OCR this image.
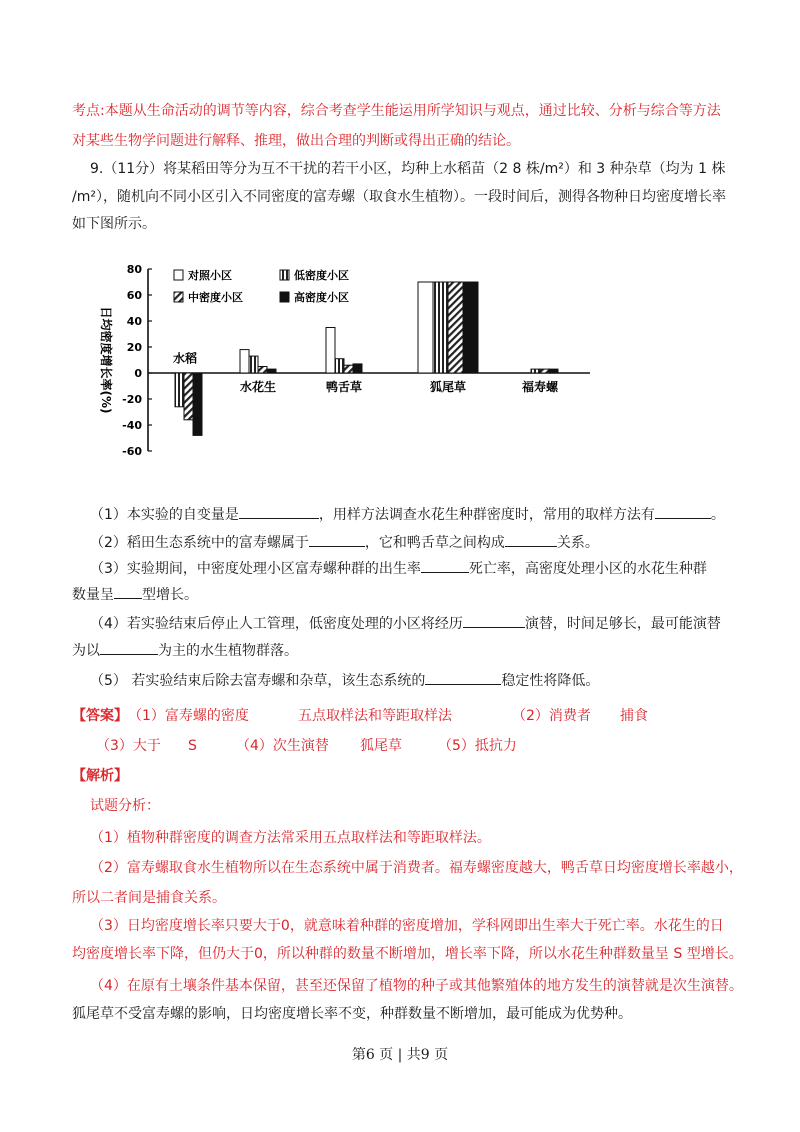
考点:本题从生命活动的调节等内容，综合考查学生能运用所学知识与观点，通过比较、分析与综合等方法
对某些生物学问题进行解释、推理，做出合理的判断或得出正确的结论。
9.（11分）将某稻田等分为互不干扰的若干小区，均种上水稻苗（2 8 株/m²）和 3 种杂草（均为 1 株
/m²），随机向不同小区引入不同密度的富寿螺（取食水生植物）。一段时间后，测得各物种日均密度增长率
如下图所示。
80
60
40
20
0
-20
-40
-60
日均密度增长率(%)	水稻
水花生	鸭舌草	狐尾草	福寿螺
对照小区	低密度小区
中密度小区	高密度小区
（1）本实验的自变量是	，用样方法调查水花生种群密度时，常用的取样方法有	。
（2）稻田生态系统中的富寿螺属于	，它和鸭舌草之间构成	关系。
（3）实验期间，中密度处理小区富寿螺种群的出生率	死亡率，高密度处理小区的水花生种群
数量呈 型增长。
（4）若实验结束后停止人工管理，低密度处理的小区将经历	演替，时间足够长，最可能演替
为以	为主的水生植物群落。
（5） 若实验结束后除去富寿螺和杂草，该生态系统的	稳定性将降低。
【答案】 （1）富寿螺的密度	五点取样法和等距取样法	（2）消费者 捕食
（3）大于 S	（4）次生演替 狐尾草	（5）抵抗力
【解析】
试题分析：
（1）植物种群密度的调查方法常采用五点取样法和等距取样法。
（2）富寿螺取食水生植物所以在生态系统中属于消费者。福寿螺密度越大，鸭舌草日均密度增长率越小，
所以二者间是捕食关系。
（3）日均密度增长率只要大于0，就意味着种群的密度增加，学科网即出生率大于死亡率。水花生的日
均密度增长率下降，但仍大于0，所以种群的数量不断增加，增长率下降，所以水花生种群数量呈 S 型增长。
（4）在原有土壤条件基本保留，甚至还保留了植物的种子或其他繁殖体的地方发生的演替就是次生演替。
狐尾草不受富寿螺的影响，日均密度增长率不变，种群数量不断增加，最可能成为优势种。
第6 页 | 共9 页
